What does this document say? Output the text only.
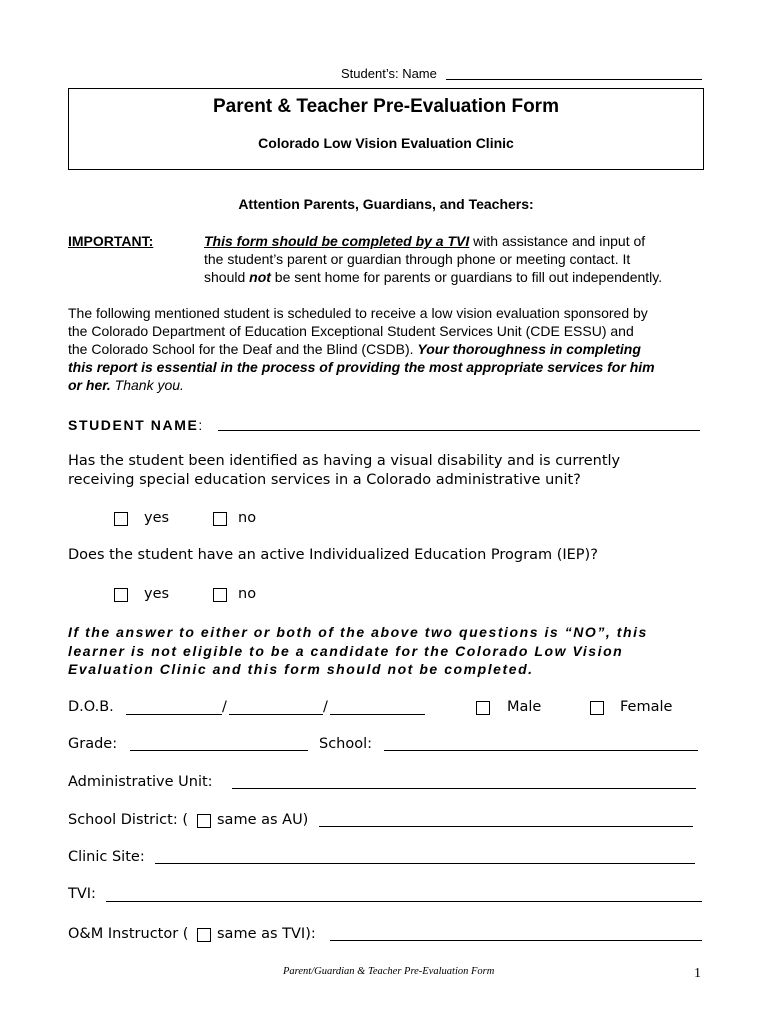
Student’s: Name
Parent & Teacher Pre-Evaluation Form
Colorado Low Vision Evaluation Clinic
Attention Parents, Guardians, and Teachers:
IMPORTANT:	This form should be completed by a TVI with assistance and input of
the student’s parent or guardian through phone or meeting contact. It
should not be sent home for parents or guardians to fill out independently.
The following mentioned student is scheduled to receive a low vision evaluation sponsored by
the Colorado Department of Education Exceptional Student Services Unit (CDE ESSU) and
the Colorado School for the Deaf and the Blind (CSDB). Your thoroughness in completing
this report is essential in the process of providing the most appropriate services for him
or her. Thank you.
STUDENT NAME:
Has the student been identified as having a visual disability and is currently
receiving special education services in a Colorado administrative unit?
yes	no
Does the student have an active Individualized Education Program (IEP)?
yes	no
If the answer to either or both of the above two questions is “NO”, this
learner is not eligible to be a candidate for the Colorado Low Vision
Evaluation Clinic and this form should not be completed.
D.O.B.	/	/	Male	Female
Grade:	School:
Administrative Unit:
School District: ( same as AU)
Clinic Site:
TVI:
O&M Instructor ( same as TVI):
Parent/Guardian & Teacher Pre-Evaluation Form	1
